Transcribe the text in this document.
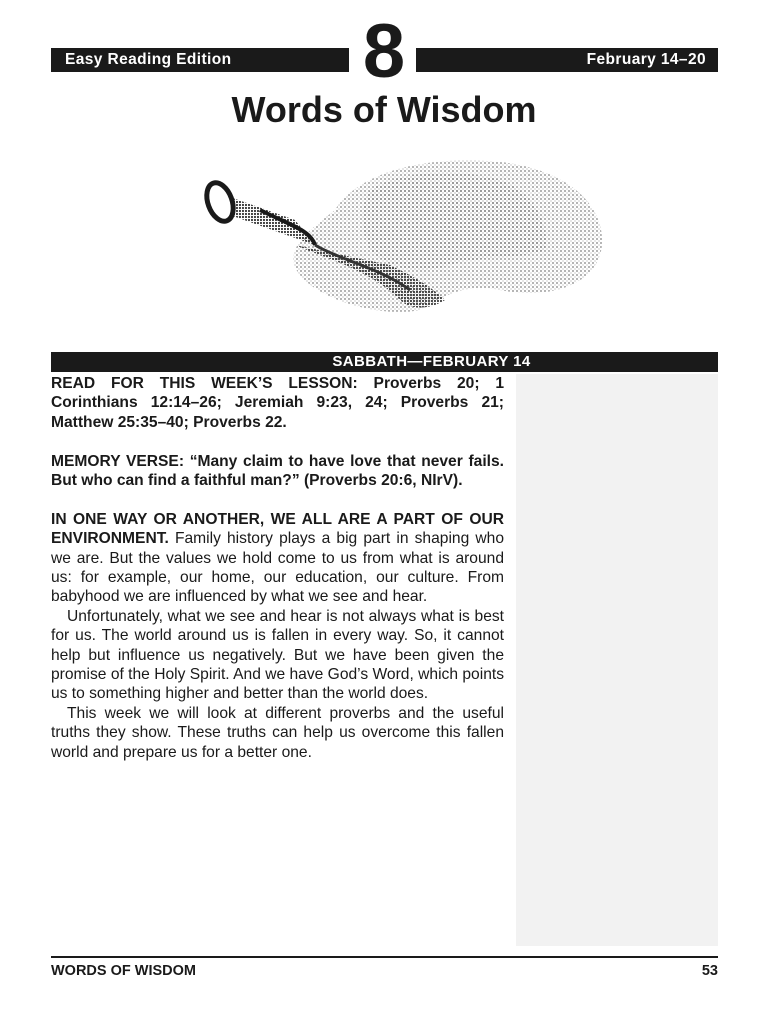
Easy Reading Edition	8	February 14–20
Words of Wisdom
SABBATH—FEBRUARY 14

READ FOR THIS WEEK’S LESSON: Proverbs 20; 1 Corinthians 12:14–26; Jeremiah 9:23, 24; Proverbs 21; Matthew 25:35–40; Proverbs 22.

MEMORY VERSE: “Many claim to have love that never fails. But who can find a faithful man?” (Proverbs 20:6, NIrV).

IN ONE WAY OR ANOTHER, WE ALL ARE A PART OF OUR ENVIRONMENT. Family history plays a big part in shaping who we are. But the values we hold come to us from what is around us: for example, our home, our education, our culture. From babyhood we are influenced by what we see and hear.

Unfortunately, what we see and hear is not always what is best for us. The world around us is fallen in every way. So, it cannot help but influence us negatively. But we have been given the promise of the Holy Spirit. And we have God’s Word, which points us to something higher and better than the world does.

This week we will look at different proverbs and the useful truths they show. These truths can help us overcome this fallen world and prepare us for a better one.

WORDS OF WISDOM	53
